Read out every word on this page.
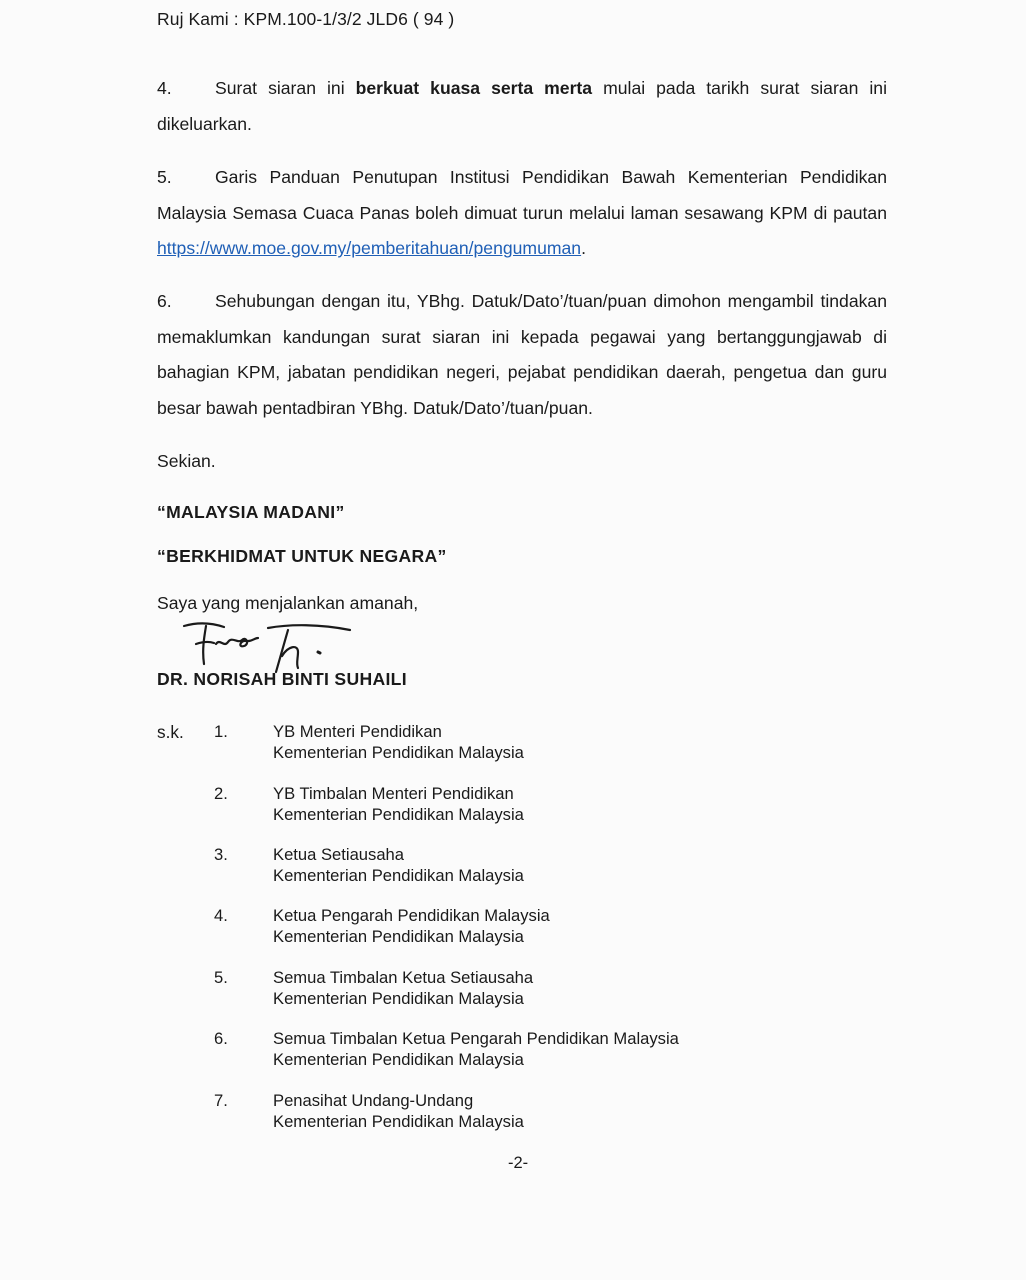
Ruj Kami : KPM.100-1/3/2 JLD6 ( 94 )

4. Surat siaran ini berkuat kuasa serta merta mulai pada tarikh surat siaran ini dikeluarkan.

5. Garis Panduan Penutupan Institusi Pendidikan Bawah Kementerian Pendidikan Malaysia Semasa Cuaca Panas boleh dimuat turun melalui laman sesawang KPM di pautan https://www.moe.gov.my/pemberitahuan/pengumuman.

6. Sehubungan dengan itu, YBhg. Datuk/Dato’/tuan/puan dimohon mengambil tindakan memaklumkan kandungan surat siaran ini kepada pegawai yang bertanggungjawab di bahagian KPM, jabatan pendidikan negeri, pejabat pendidikan daerah, pengetua dan guru besar bawah pentadbiran YBhg. Datuk/Dato’/tuan/puan.

Sekian.
“MALAYSIA MADANI”
“BERKHIDMAT UNTUK NEGARA”
Saya yang menjalankan amanah,
DR. NORISAH BINTI SUHAILI
s.k. 1.	YB Menteri Pendidikan
Kementerian Pendidikan Malaysia
2.	YB Timbalan Menteri Pendidikan
Kementerian Pendidikan Malaysia
3.	Ketua Setiausaha
Kementerian Pendidikan Malaysia
4.	Ketua Pengarah Pendidikan Malaysia
Kementerian Pendidikan Malaysia
5.	Semua Timbalan Ketua Setiausaha
Kementerian Pendidikan Malaysia
6.	Semua Timbalan Ketua Pengarah Pendidikan Malaysia
Kementerian Pendidikan Malaysia
7.	Penasihat Undang-Undang
Kementerian Pendidikan Malaysia
-2-
